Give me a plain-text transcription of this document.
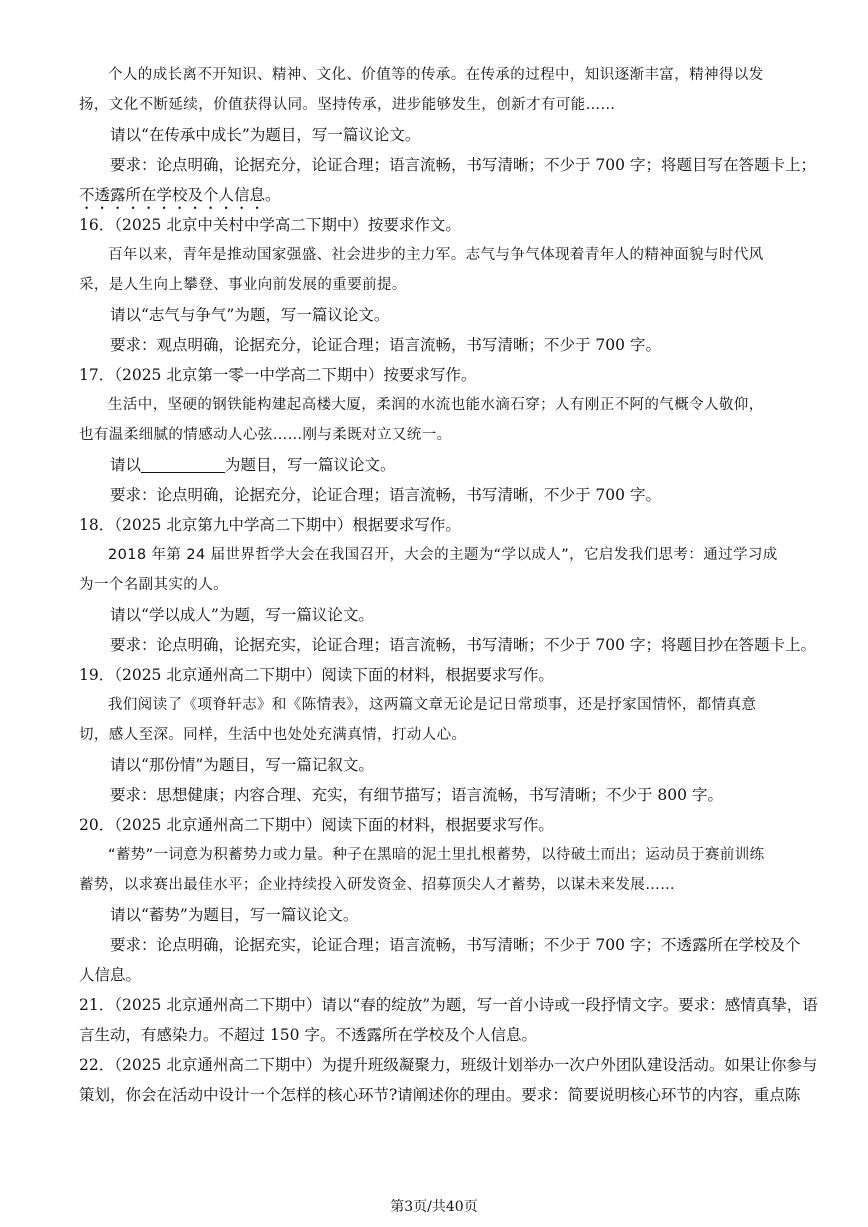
个人的成长离不开知识、精神、文化、价值等的传承。在传承的过程中，知识逐渐丰富，精神得以发
扬，文化不断延续，价值获得认同。坚持传承，进步能够发生，创新才有可能……
请以“在传承中成长”为题目，写一篇议论文。
要求：论点明确，论据充分，论证合理；语言流畅，书写清晰；不少于 700 字；将题目写在答题卡上；
不透露所在学校及个人信息。
16．（2025 北京中关村中学高二下期中）按要求作文。
百年以来，青年是推动国家强盛、社会进步的主力军。志气与争气体现着青年人的精神面貌与时代风
采，是人生向上攀登、事业向前发展的重要前提。
请以“志气与争气”为题，写一篇议论文。
要求：观点明确，论据充分，论证合理；语言流畅，书写清晰；不少于 700 字。
17．（2025 北京第一零一中学高二下期中）按要求写作。
生活中，坚硬的钢铁能构建起高楼大厦，柔润的水流也能水滴石穿；人有刚正不阿的气概令人敬仰，
也有温柔细腻的情感动人心弦……刚与柔既对立又统一。
请以	为题目，写一篇议论文。
要求：论点明确，论据充分，论证合理；语言流畅，书写清晰，不少于 700 字。
18．（2025 北京第九中学高二下期中）根据要求写作。
2018 年第 24 届世界哲学大会在我国召开，大会的主题为“学以成人”，它启发我们思考：通过学习成
为一个名副其实的人。
请以“学以成人”为题，写一篇议论文。
要求：论点明确，论据充实，论证合理；语言流畅，书写清晰；不少于 700 字；将题目抄在答题卡上。
19．（2025 北京通州高二下期中）阅读下面的材料，根据要求写作。
我们阅读了《项脊轩志》和《陈情表》，这两篇文章无论是记日常琐事，还是抒家国情怀，都情真意
切，感人至深。同样，生活中也处处充满真情，打动人心。
请以“那份情”为题目，写一篇记叙文。
要求：思想健康；内容合理、充实，有细节描写；语言流畅，书写清晰；不少于 800 字。
20．（2025 北京通州高二下期中）阅读下面的材料，根据要求写作。
“蓄势”一词意为积蓄势力或力量。种子在黑暗的泥土里扎根蓄势，以待破土而出；运动员于赛前训练
蓄势，以求赛出最佳水平；企业持续投入研发资金、招募顶尖人才蓄势，以谋未来发展……
请以“蓄势”为题目，写一篇议论文。
要求：论点明确，论据充实，论证合理；语言流畅，书写清晰；不少于 700 字；不透露所在学校及个
人信息。
21．（2025 北京通州高二下期中）请以“春的绽放”为题，写一首小诗或一段抒情文字。要求：感情真挚，语
言生动，有感染力。不超过 150 字。不透露所在学校及个人信息。
22．（2025 北京通州高二下期中）为提升班级凝聚力，班级计划举办一次户外团队建设活动。如果让你参与
策划，你会在活动中设计一个怎样的核心环节?请阐述你的理由。要求：简要说明核心环节的内容，重点陈
第3页/共40页
